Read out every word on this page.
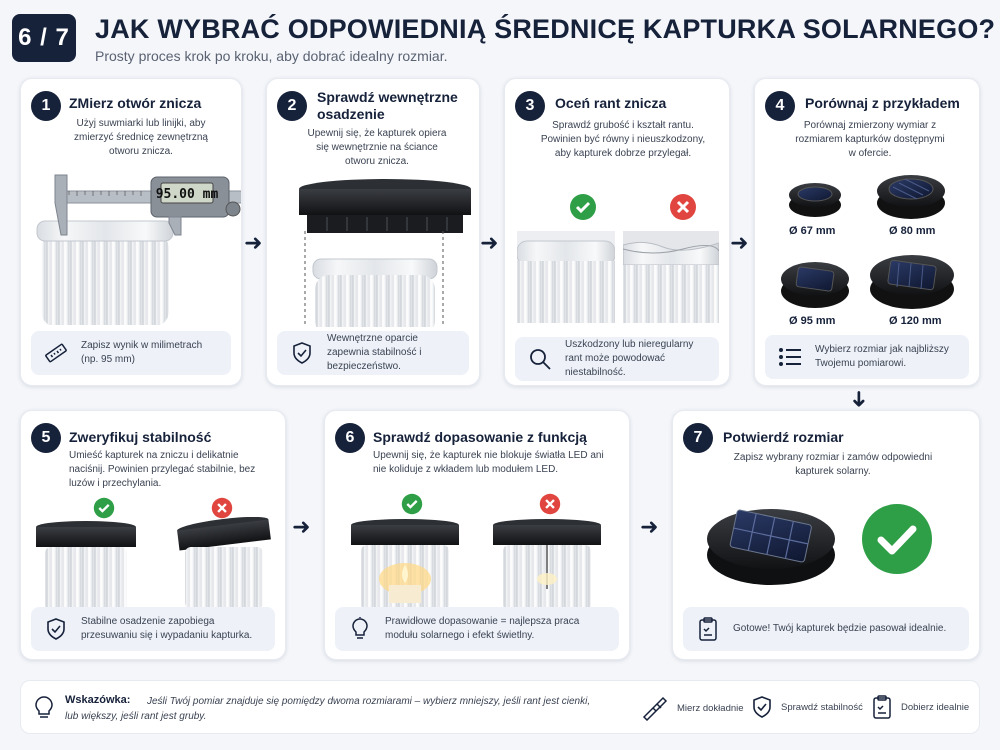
6 / 7 JAK WYBRAĆ ODPOWIEDNIĄ ŚREDNICĘ KAPTURKA SOLARNEGO?
Prosty proces krok po kroku, aby dobrać idealny rozmiar.
1	ZMierz otwór znicza
Użyj suwmiarki lub linijki, aby zmierzyć średnicę zewnętrzną otworu znicza.
95.00 mm
Zapisz wynik w milimetrach (np. 95 mm)
➜
2	Sprawdź wewnętrzne osadzenie
Upewnij się, że kapturek opiera się wewnętrznie na ściance otworu znicza.
Wewnętrzne oparcie zapewnia stabilność i bezpieczeństwo.
➜
3	Oceń rant znicza
Sprawdź grubość i kształt rantu. Powinien być równy i nieuszkodzony, aby kapturek dobrze przylegał.
Uszkodzony lub nieregularny rant może powodować niestabilność.
➜
4	Porównaj z przykładem
Porównaj zmierzony wymiar z rozmiarem kapturków dostępnymi w ofercie.
Ø 67 mm	Ø 80 mm
Ø 95 mm	Ø 120 mm
Wybierz rozmiar jak najbliższy Twojemu pomiarowi.
➜
5	Zweryfikuj stabilność
Umieść kapturek na zniczu i delikatnie naciśnij. Powinien przylegać stabilnie, bez luzów i przechylania.
Stabilne osadzenie zapobiega przesuwaniu się i wypadaniu kapturka.
➜
6	Sprawdź dopasowanie z funkcją
Upewnij się, że kapturek nie blokuje światła LED ani nie koliduje z wkładem lub modułem LED.
Prawidłowe dopasowanie = najlepsza praca modułu solarnego i efekt świetlny.
➜
7	Potwierdź rozmiar
Zapisz wybrany rozmiar i zamów odpowiedni kapturek solarny.
Gotowe! Twój kapturek będzie pasował idealnie.
Jeśli Twój pomiar znajduje się pomiędzy dwoma rozmiarami – wybierz mniejszy, jeśli rant jest cienki, lub większy, jeśli rant jest gruby.
Wskazówka:
Mierz dokładnie	Sprawdź stabilność	Dobierz idealnie
